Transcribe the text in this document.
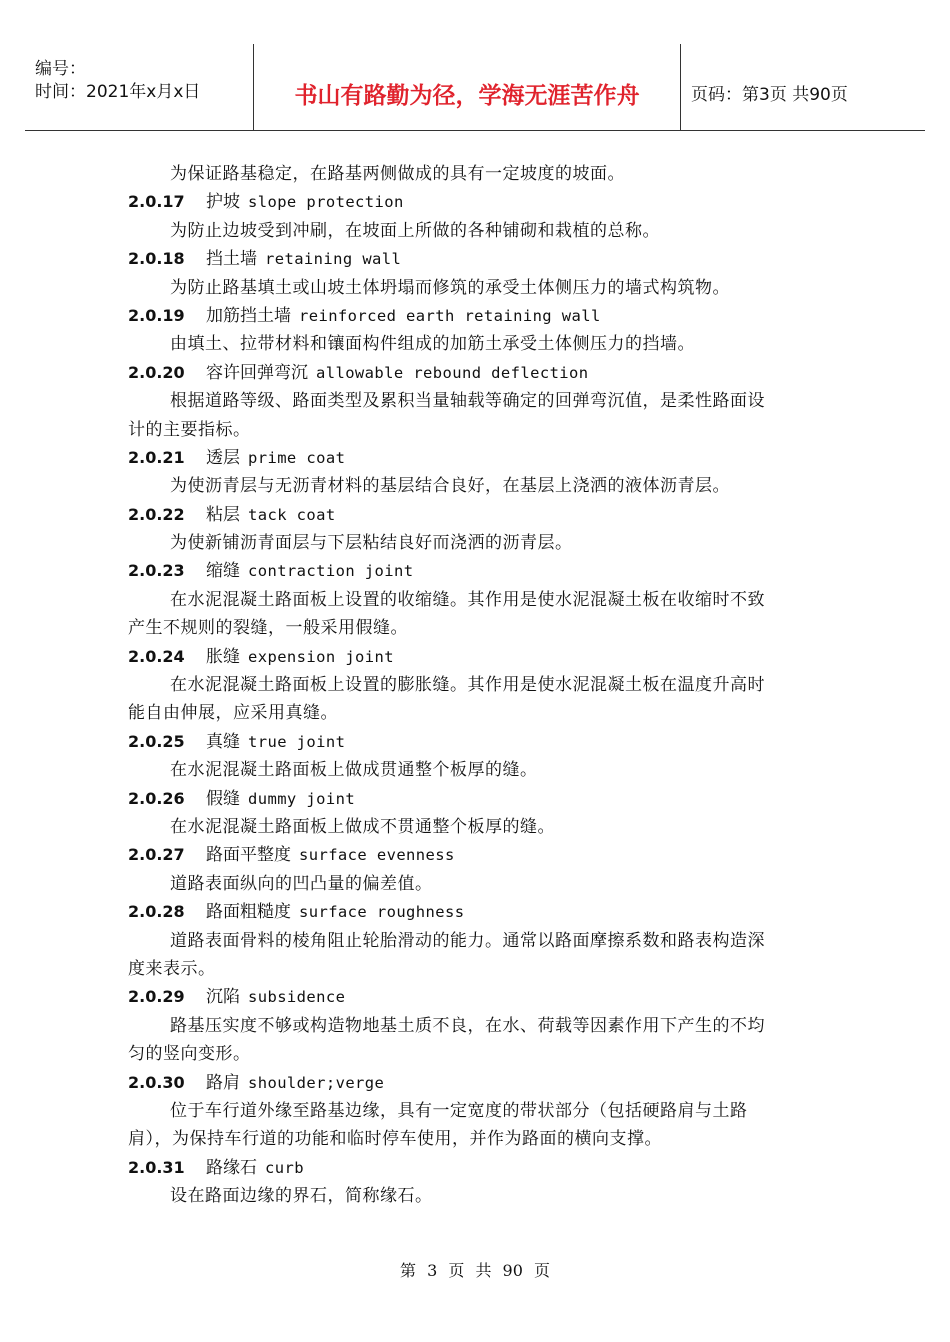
编号：
时间：2021年x月x日	书山有路勤为径，学海无涯苦作舟	页码：第3页 共90页
为保证路基稳定，在路基两侧做成的具有一定坡度的坡面。
2.0.17 护坡 slope protection
为防止边坡受到冲刷，在坡面上所做的各种铺砌和栽植的总称。
2.0.18 挡土墙 retaining wall
为防止路基填土或山坡土体坍塌而修筑的承受土体侧压力的墙式构筑物。
2.0.19 加筋挡土墙 reinforced earth retaining wall
由填土、拉带材料和镶面构件组成的加筋土承受土体侧压力的挡墙。
2.0.20 容许回弹弯沉 allowable rebound deflection
根据道路等级、路面类型及累积当量轴载等确定的回弹弯沉值，是柔性路面设
计的主要指标。
2.0.21 透层 prime coat
为使沥青层与无沥青材料的基层结合良好，在基层上浇洒的液体沥青层。
2.0.22 粘层 tack coat
为使新铺沥青面层与下层粘结良好而浇洒的沥青层。
2.0.23 缩缝 contraction joint
在水泥混凝土路面板上设置的收缩缝。其作用是使水泥混凝土板在收缩时不致
产生不规则的裂缝，一般采用假缝。
2.0.24 胀缝 expension joint
在水泥混凝土路面板上设置的膨胀缝。其作用是使水泥混凝土板在温度升高时
能自由伸展，应采用真缝。
2.0.25 真缝 true joint
在水泥混凝土路面板上做成贯通整个板厚的缝。
2.0.26 假缝 dummy joint
在水泥混凝土路面板上做成不贯通整个板厚的缝。
2.0.27 路面平整度 surface evenness
道路表面纵向的凹凸量的偏差值。
2.0.28 路面粗糙度 surface roughness
道路表面骨料的棱角阻止轮胎滑动的能力。通常以路面摩擦系数和路表构造深
度来表示。
2.0.29 沉陷 subsidence
路基压实度不够或构造物地基土质不良，在水、荷载等因素作用下产生的不均
匀的竖向变形。
2.0.30 路肩 shoulder;verge
位于车行道外缘至路基边缘，具有一定宽度的带状部分（包括硬路肩与土路
肩），为保持车行道的功能和临时停车使用，并作为路面的横向支撑。
2.0.31 路缘石 curb
设在路面边缘的界石，简称缘石。
第 3 页 共 90 页
